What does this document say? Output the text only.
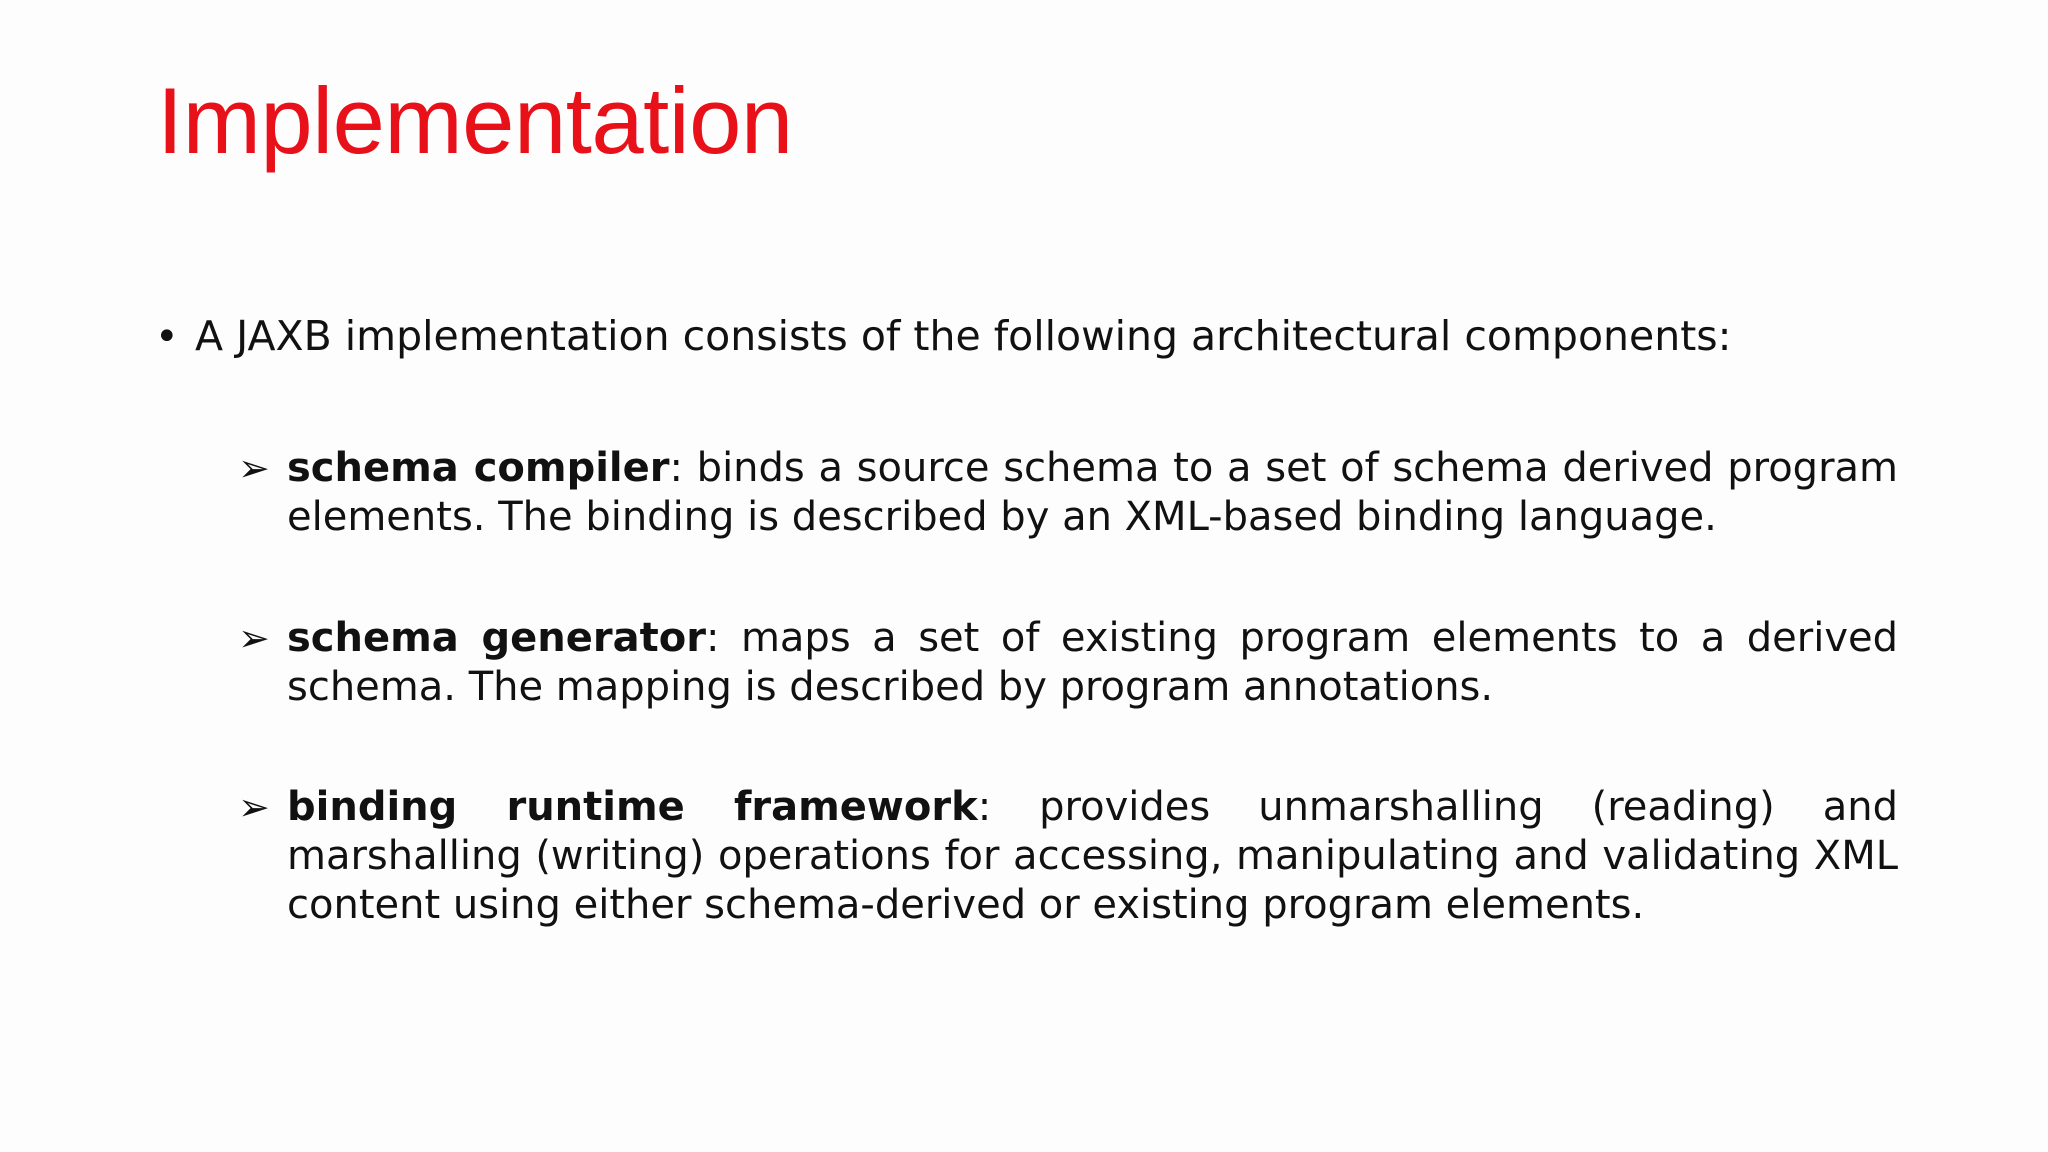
Implementation
• A JAXB implementation consists of the following architectural components:
➢ schema compiler: binds a source schema to a set of schema derived program elements. The binding is described by an XML-based binding language.
➢ schema generator: maps a set of existing program elements to a derived schema. The mapping is described by program annotations.
➢ binding runtime framework: provides unmarshalling (reading) and marshalling (writing) operations for accessing, manipulating and validating XML content using either schema-derived or existing program elements.
